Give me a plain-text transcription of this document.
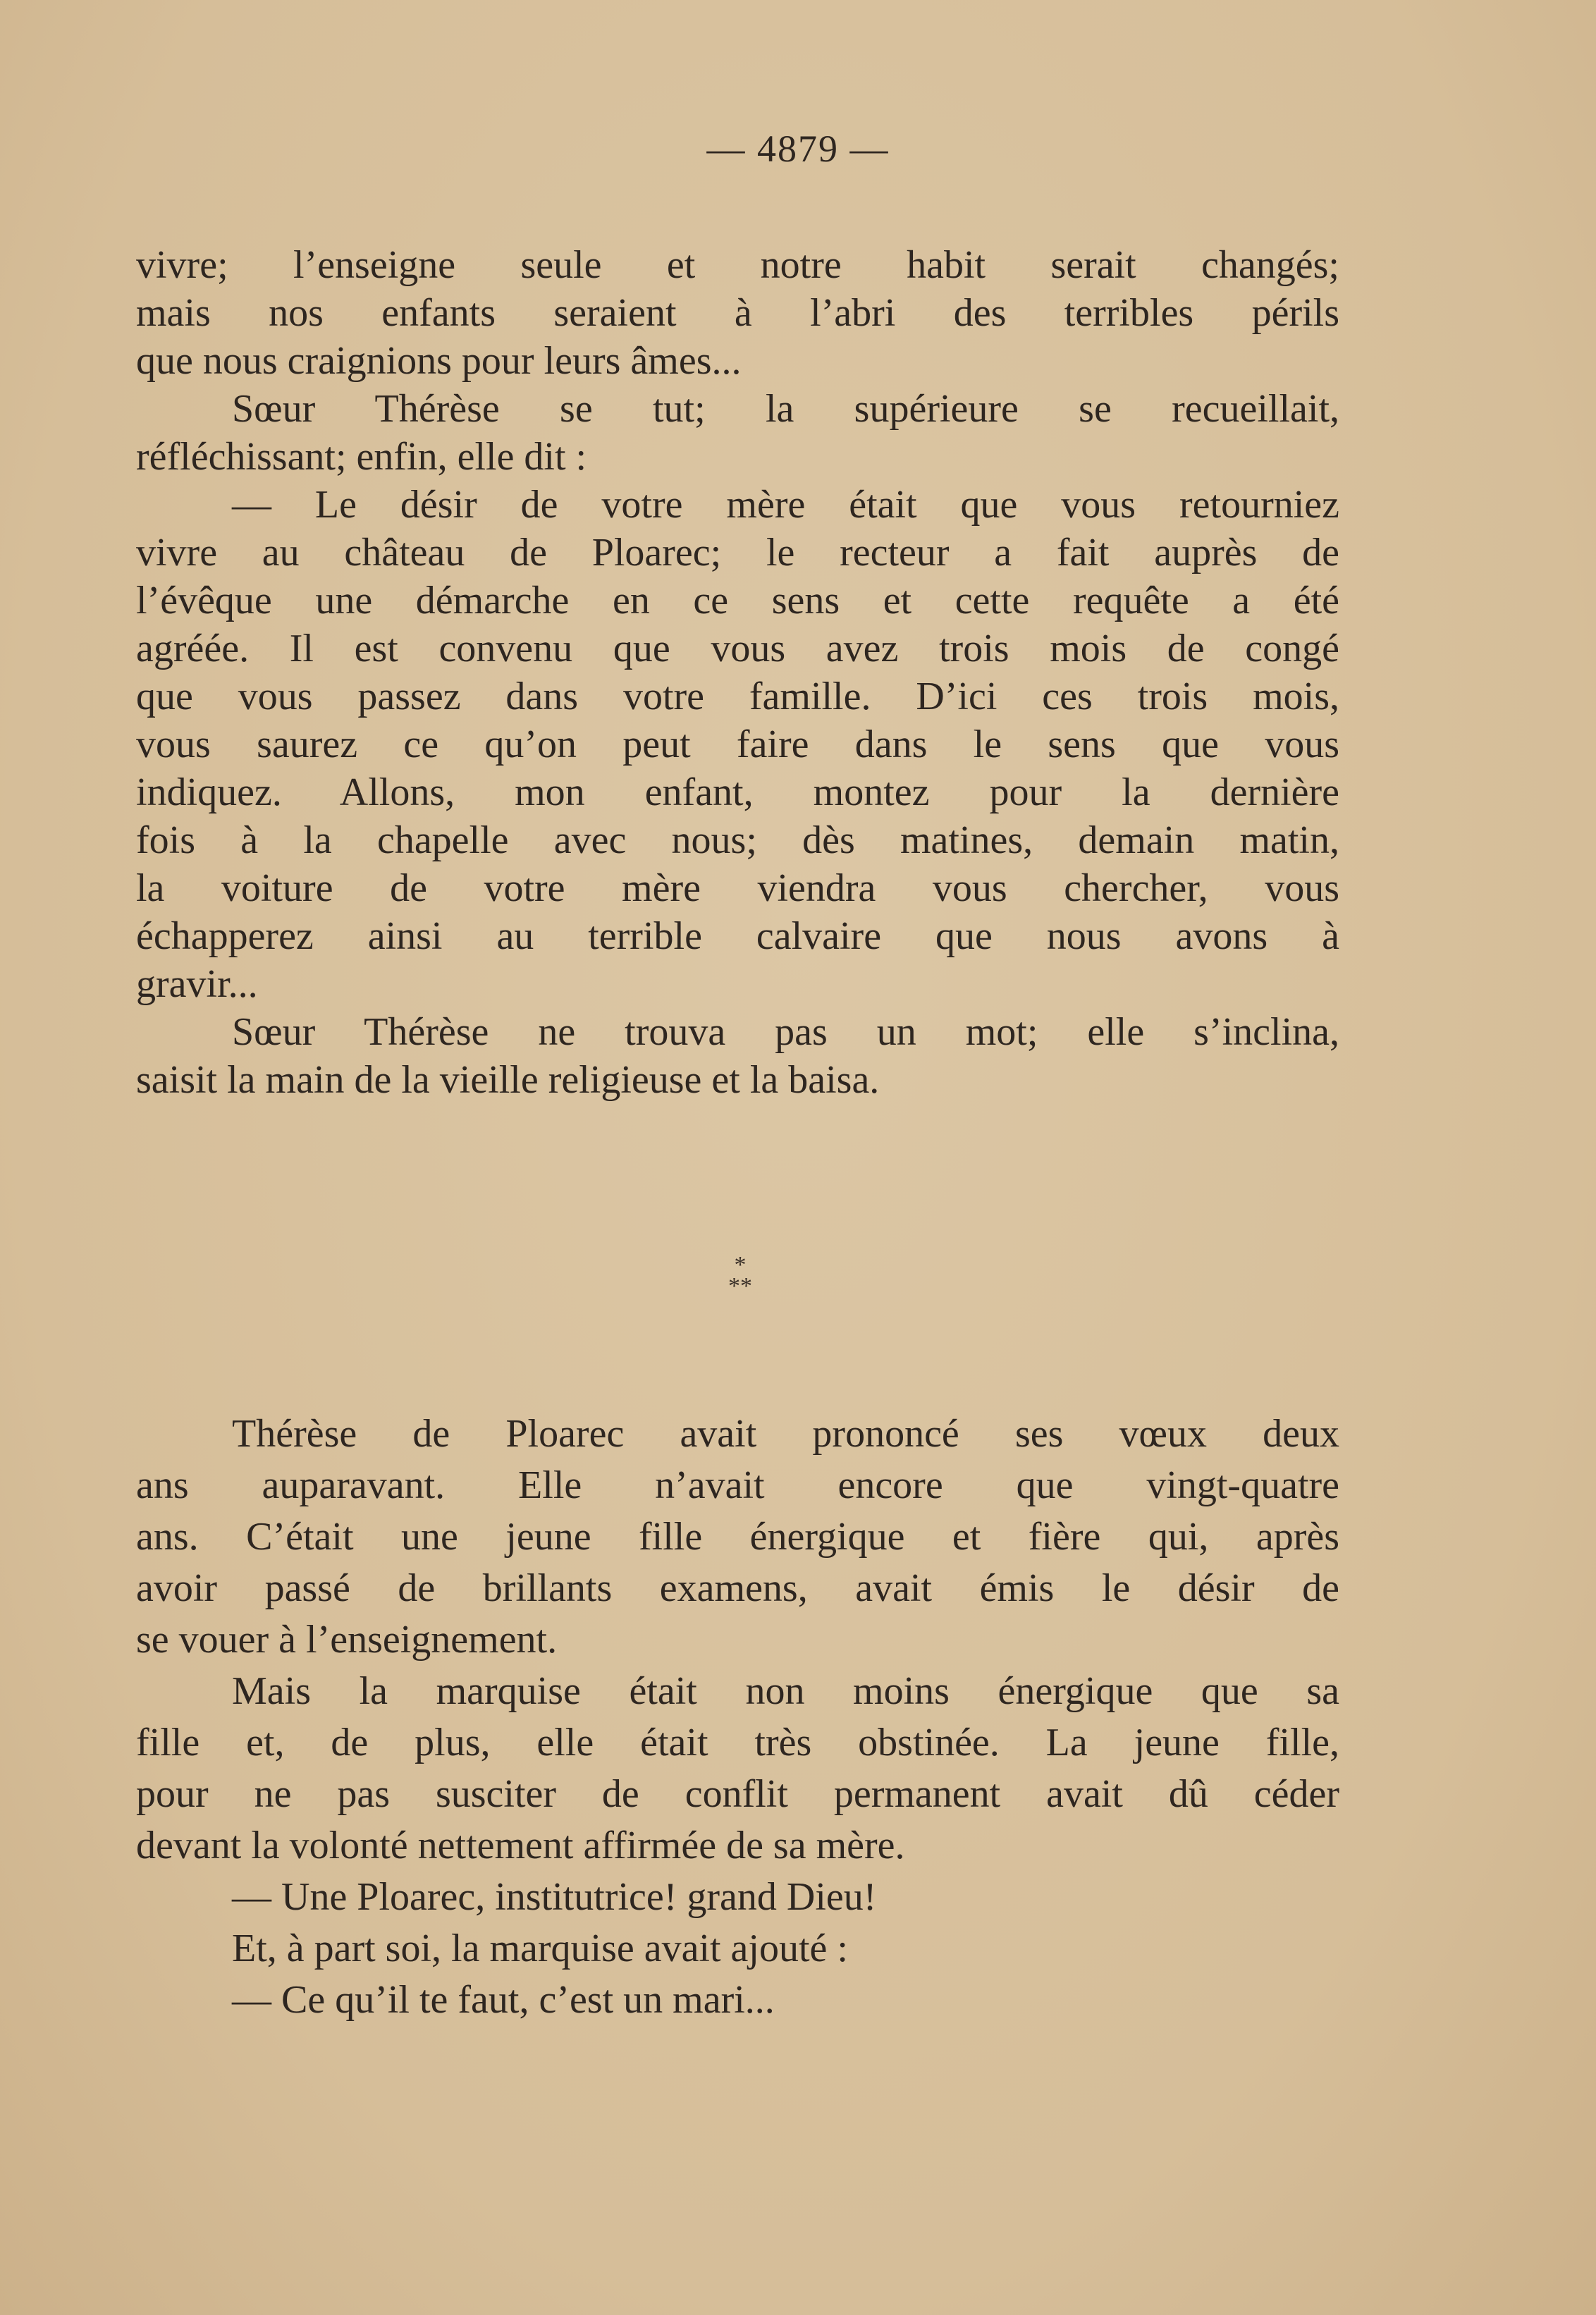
— 4879 —
vivre; l’enseigne seule et notre habit serait changés;
mais nos enfants seraient à l’abri des terribles périls
que nous craignions pour leurs âmes...
Sœur Thérèse se tut; la supérieure se recueillait,
réfléchissant; enfin, elle dit :
— Le désir de votre mère était que vous retourniez
vivre au château de Ploarec; le recteur a fait auprès de
l’évêque une démarche en ce sens et cette requête a été
agréée. Il est convenu que vous avez trois mois de congé
que vous passez dans votre famille. D’ici ces trois mois,
vous saurez ce qu’on peut faire dans le sens que vous
indiquez. Allons, mon enfant, montez pour la dernière
fois à la chapelle avec nous; dès matines, demain matin,
la voiture de votre mère viendra vous chercher, vous
échapperez ainsi au terrible calvaire que nous avons à
gravir...
Sœur Thérèse ne trouva pas un mot; elle s’inclina,
saisit la main de la vieille religieuse et la baisa.
*
**
Thérèse de Ploarec avait prononcé ses vœux deux
ans auparavant. Elle n’avait encore que vingt-quatre
ans. C’était une jeune fille énergique et fière qui, après
avoir passé de brillants examens, avait émis le désir de
se vouer à l’enseignement.
Mais la marquise était non moins énergique que sa
fille et, de plus, elle était très obstinée. La jeune fille,
pour ne pas susciter de conflit permanent avait dû céder
devant la volonté nettement affirmée de sa mère.
— Une Ploarec, institutrice! grand Dieu!
Et, à part soi, la marquise avait ajouté :
— Ce qu’il te faut, c’est un mari...
